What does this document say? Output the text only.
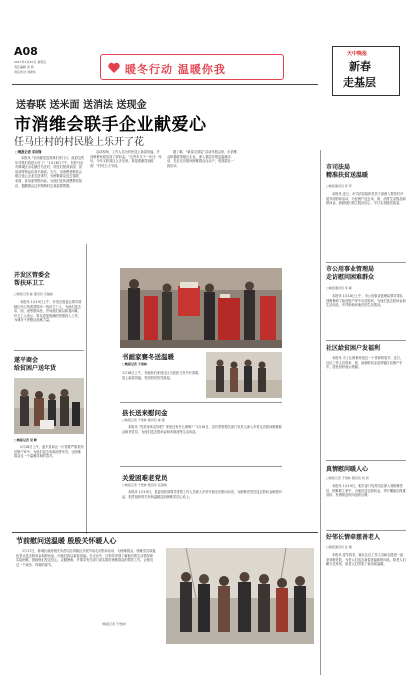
A08
2017年1月20日 星期五
责任编辑 吴 新
责任校对 刘建华	暖冬行动 温暖你我
天中晚报
新春
走基层
送春联 送米面 送消法 送现金
市消维会联手企业献爱心
任马庄村的村民脸上乐开了花
□晚报记者 邓岩锋
本报讯 “东西都是送到我们家门口，政府这些年对我们真是太好了！”1月18日下午，在驻马店市驿城区水屯镇任马庄村，村民们领到米面、食用油等物品后高兴地说。当天，市消费者维权会联合爱心企业走进该村，为困难群众送去春联、米面、食用油等慰问品，为他们宣传消费维权知识，提醒群众过年购物时注意索要票据。
活动现场，工作人员为村民送上新春祝福，并向困难家庭发放了慰问金。“这些年日子一年比一年好，今年又收到这么多东西，真是感谢党和政府！”村民王大爷说。
据了解，“新春走基层”活动开展以来，市消维会积极联系辖区企业，深入基层开展送温暖活动，先后走访慰问困难群众百余户，受到群众一致好评。
开发区管委会
帮扶环卫工
□晚报记者 崔 通讯员 马瑞娟
本报讯 1月19日上午，开发区管委会领导到辖区环卫所看望慰问一线环卫工人，为他们送去米、面、油等慰问品，并向他们致以新春问候。环卫工人表示，将以更加饱满的热情投入工作，为城市干净整洁贡献力量。
遂平商会
给贫困户送年货
□晚报记者 吴 峰
1月18日上午，遂平县商会一行冒着严寒来到贫困户家中，为他们送去米面油等年货，让困难群众过一个温暖祥和的春节。
书画家赛冬送温暖
□晚报记者 于贵林
1月18日上午，书画家们来到社区为居民义务书写春联，送上新春祝福，受到居民热烈欢迎。
县长送来慰问金
□晚报记者 于贵林 通讯员 崔 强
本报讯 “您老身体还好吧？家里还有什么困难？”1月18日，县长带领相关部门负责人深入乡村走访慰问困难群众和老党员，为他们送去慰问金和米面油等生活用品。
关爱困难老党员
□晚报记者 于贵林 通讯员 张国建
本报讯 1月19日，县委组织部领导带领工作人员深入乡村开展走访慰问活动，为困难老党员送去慰问金和慰问品，把党组织的关怀和温暖送到困难党员心坎上。
节前慰问送温暖 殷殷关怀暖人心
1月17日，驿城区政府相关负责同志到辖区开展节前走访慰问活动，为困难群众、困难党员和退伍老兵送去慰问金和慰问品，向他们致以新春祝福。在走访中，区领导详细了解他们的生活情况和实际困难，鼓励他们坚定信心，克服困难，并要求有关部门切实做好困难群众的帮扶工作，让他们过一个欢乐、祥和的春节。
（晚报记者 于贵林）
市司法局
精准扶贫送温暖
□晚报通讯员 李 军
本报讯 近日，市司法局组织党员干部深入帮扶村开展节前慰问活动，为贫困户送去米、面、油等生活物品和慰问金，鼓励他们树立脱贫信心，早日实现脱贫致富。
市公用事业管理局
走访慰问困难群众
□晚报通讯员 李 峰
本报讯 1月18日上午，市公用事业管理局领导带队到困难职工和贫困户家中走访慰问，为他们送去慰问金和生活用品，并详细询问他们的生活情况。
社区給贫困户发福利
本报讯 为了让困难家庭过一个祥和的春节，近日，社区工作人员将米、面、油和慰问金送到辖区贫困户手中。居民纷纷表示感谢。
真情慰问暖人心
□晚报记者 于贵林 通讯员 刘 旭
本报讯 1月19日，相关部门负责同志深入到困难党员、困难职工家中，为他们送去慰问金，并叮嘱他们保重身体，有困难及时向组织反映。
好邻长情牵慈善老人
□晚报通讯员 张 楠
本报讯 春节将至，辖区社区工作人员和志愿者一起来到敬老院，为老人们送去新春祝福和慰问品，陪老人们聊天拉家常，给老人们带来了欢乐和温暖。
